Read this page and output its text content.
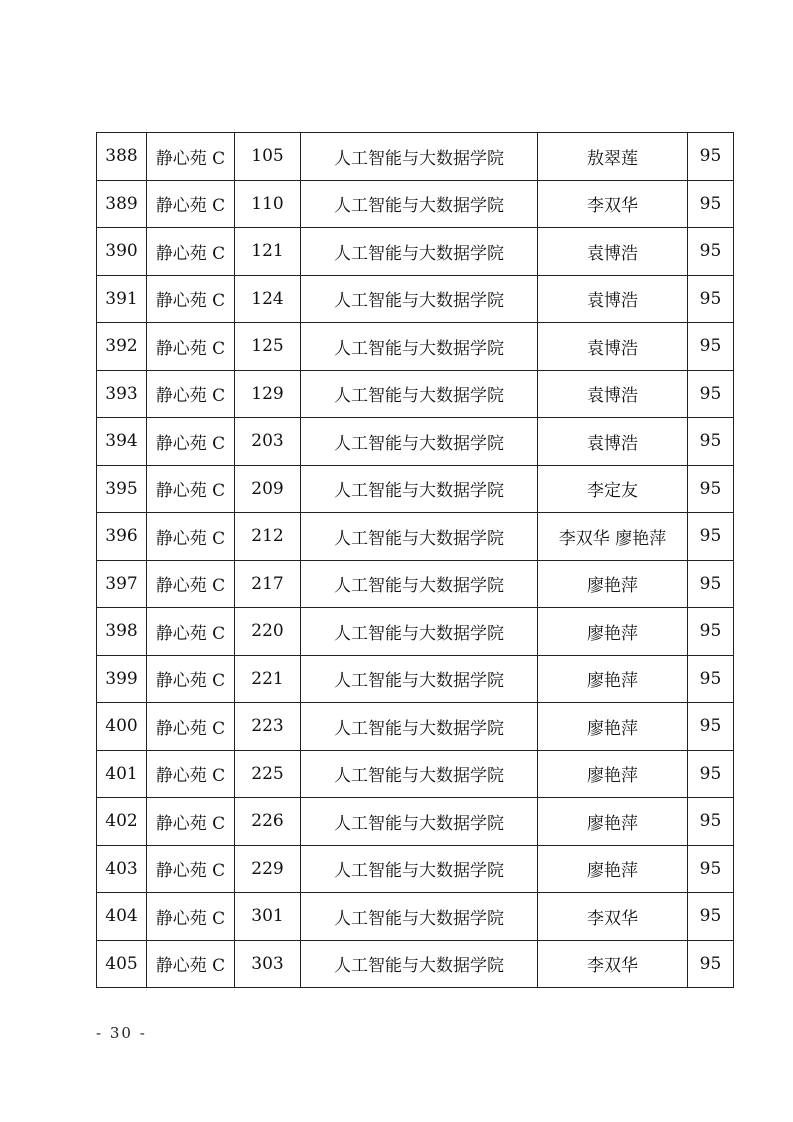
388	静心苑 C	105	人工智能与大数据学院	敖翠莲	95
389	静心苑 C	110	人工智能与大数据学院	李双华	95
390	静心苑 C	121	人工智能与大数据学院	袁博浩	95
391	静心苑 C	124	人工智能与大数据学院	袁博浩	95
392	静心苑 C	125	人工智能与大数据学院	袁博浩	95
393	静心苑 C	129	人工智能与大数据学院	袁博浩	95
394	静心苑 C	203	人工智能与大数据学院	袁博浩	95
395	静心苑 C	209	人工智能与大数据学院	李定友	95
396	静心苑 C	212	人工智能与大数据学院	李双华 廖艳萍	95
397	静心苑 C	217	人工智能与大数据学院	廖艳萍	95
398	静心苑 C	220	人工智能与大数据学院	廖艳萍	95
399	静心苑 C	221	人工智能与大数据学院	廖艳萍	95
400	静心苑 C	223	人工智能与大数据学院	廖艳萍	95
401	静心苑 C	225	人工智能与大数据学院	廖艳萍	95
402	静心苑 C	226	人工智能与大数据学院	廖艳萍	95
403	静心苑 C	229	人工智能与大数据学院	廖艳萍	95
404	静心苑 C	301	人工智能与大数据学院	李双华	95
405	静心苑 C	303	人工智能与大数据学院	李双华	95
- 30 -
